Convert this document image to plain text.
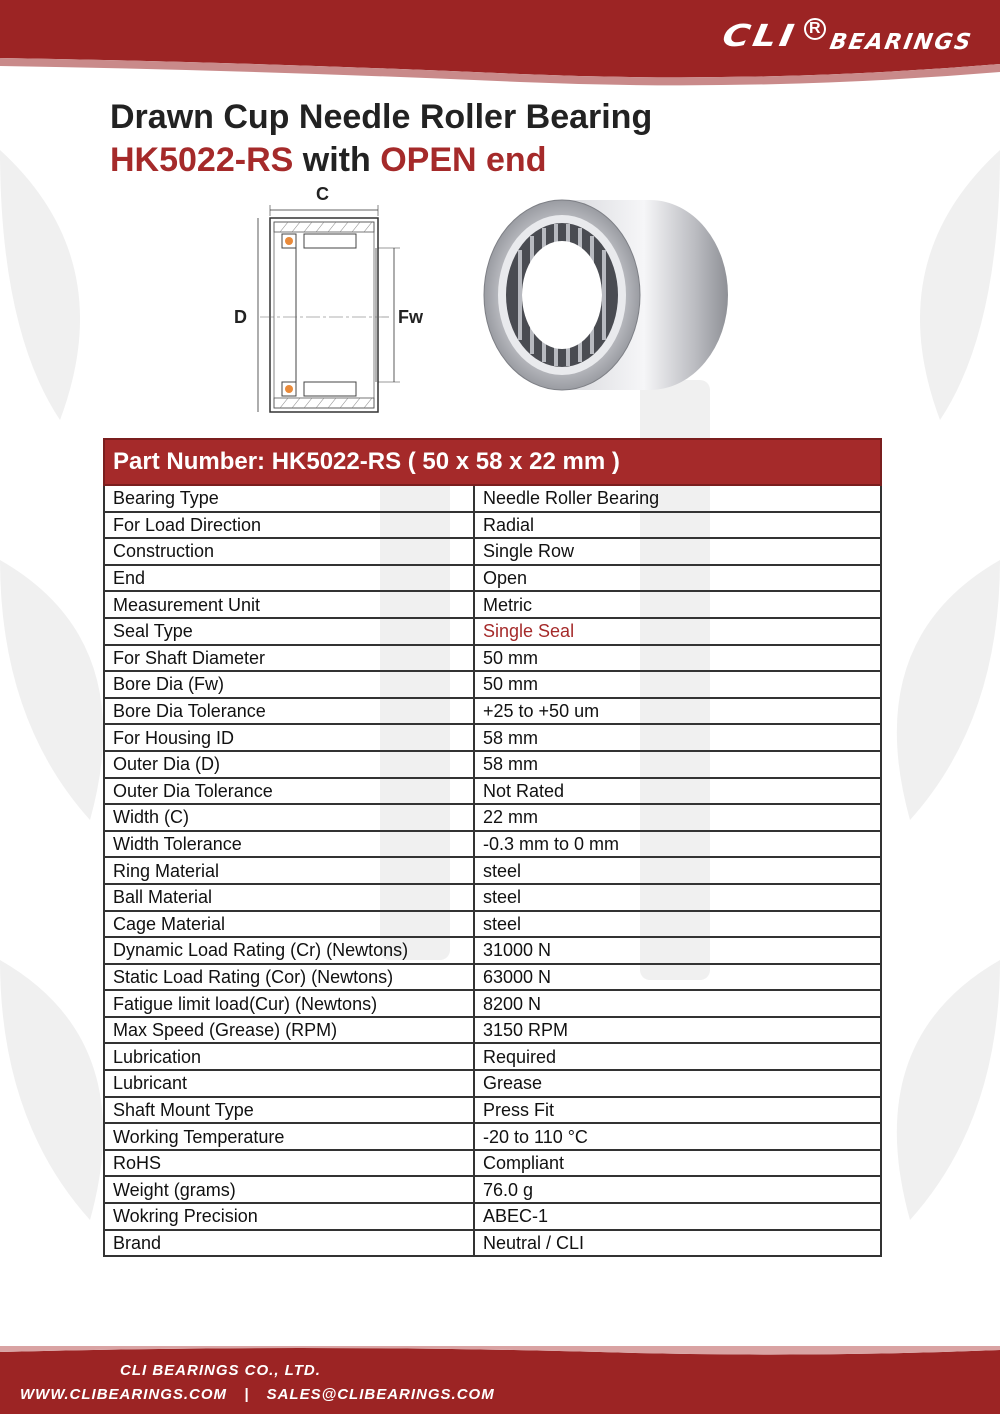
CLI R
BEARINGS
Drawn Cup Needle Roller Bearing
HK5022-RS with OPEN end
C
D	Fw
Part Number: HK5022-RS ( 50 x 58 x 22 mm )	
Bearing Type	Needle Roller Bearing
For Load Direction	Radial
Construction	Single Row
End	Open
Measurement Unit	Metric
Seal Type	Single Seal
For Shaft Diameter	50 mm
Bore Dia (Fw)	50 mm
Bore Dia Tolerance	+25 to +50 um
For Housing ID	58 mm
Outer Dia (D)	58 mm
Outer Dia Tolerance	Not Rated
Width (C)	22 mm
Width Tolerance	-0.3 mm to 0 mm
Ring Material	steel
Ball Material	steel
Cage Material	steel
Dynamic Load Rating (Cr) (Newtons)	31000 N
Static Load Rating (Cor) (Newtons)	63000 N
Fatigue limit load(Cur) (Newtons)	8200 N
Max Speed (Grease) (RPM)	3150 RPM
Lubrication	Required
Lubricant	Grease
Shaft Mount Type	Press Fit
Working Temperature	-20 to 110 °C
RoHS	Compliant
Weight (grams)	76.0 g
Wokring Precision	ABEC-1
Brand	Neutral / CLI
CLI BEARINGS CO., LTD.
WWW.CLIBEARINGS.COM | SALES@CLIBEARINGS.COM
